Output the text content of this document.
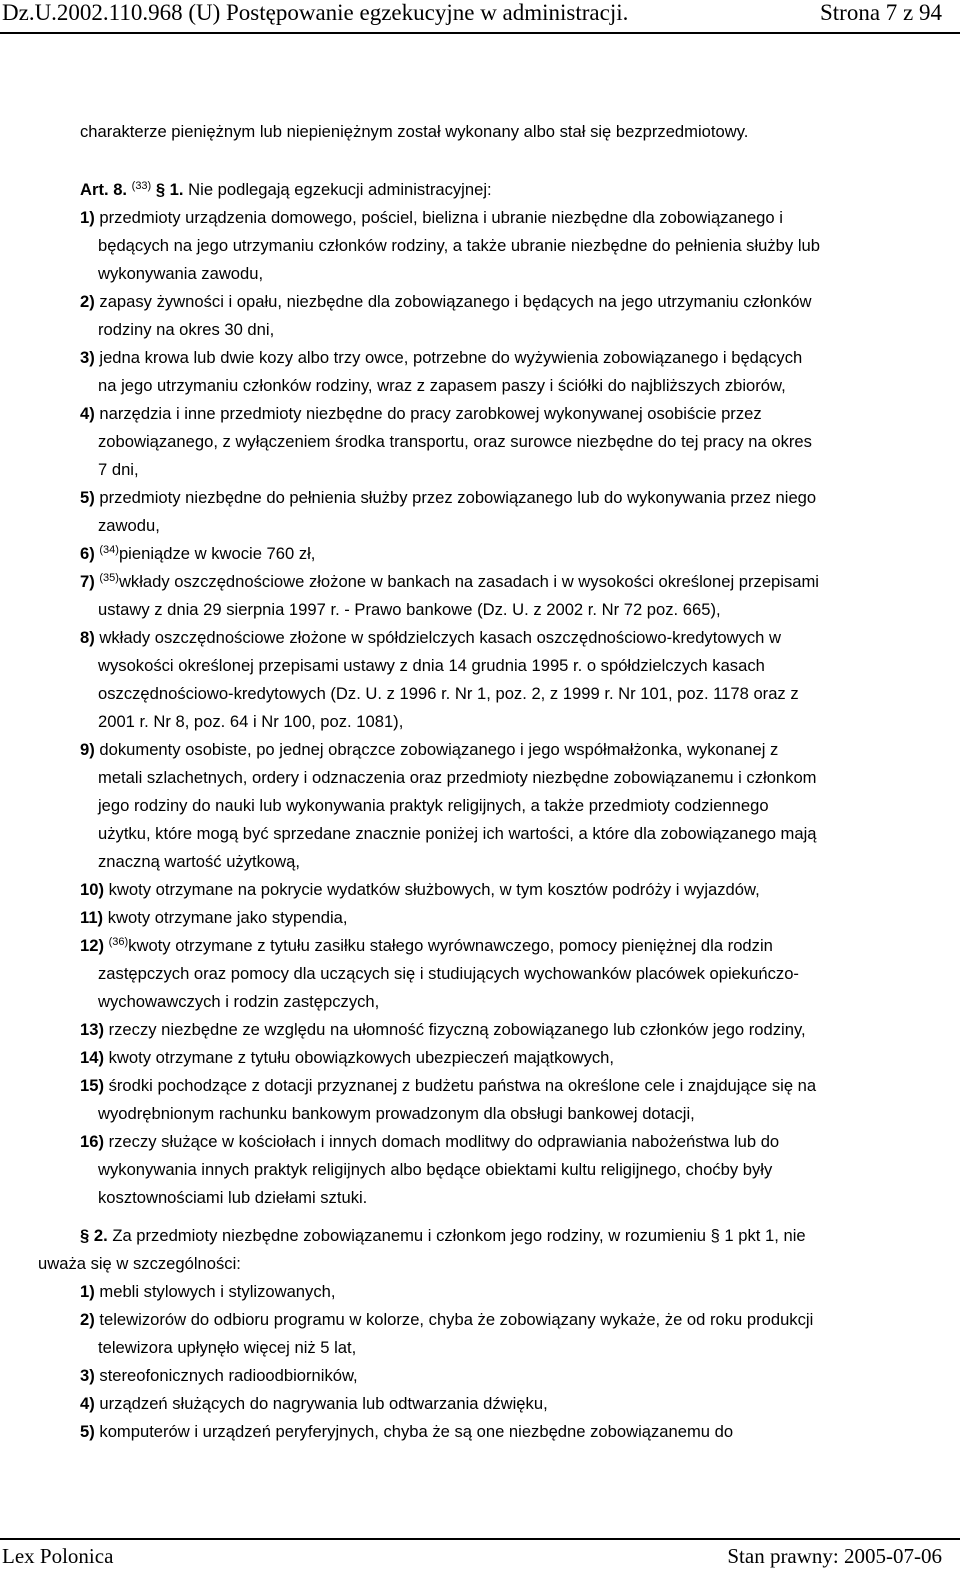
Dz.U.2002.110.968 (U) Postępowanie egzekucyjne w administracji.	Strona 7 z 94
charakterze pieniężnym lub niepieniężnym został wykonany albo stał się bezprzedmiotowy.
Art. 8. $^{(33)}$ § 1. Nie podlegają egzekucji administracyjnej:
1) przedmioty urządzenia domowego, pościel, bielizna i ubranie niezbędne dla zobowiązanego i
będących na jego utrzymaniu członków rodziny, a także ubranie niezbędne do pełnienia służby lub
wykonywania zawodu,
2) zapasy żywności i opału, niezbędne dla zobowiązanego i będących na jego utrzymaniu członków
rodziny na okres 30 dni,
3) jedna krowa lub dwie kozy albo trzy owce, potrzebne do wyżywienia zobowiązanego i będących
na jego utrzymaniu członków rodziny, wraz z zapasem paszy i ściółki do najbliższych zbiorów,
4) narzędzia i inne przedmioty niezbędne do pracy zarobkowej wykonywanej osobiście przez
zobowiązanego, z wyłączeniem środka transportu, oraz surowce niezbędne do tej pracy na okres
7 dni,
5) przedmioty niezbędne do pełnienia służby przez zobowiązanego lub do wykonywania przez niego
zawodu,
6) $^{(34)}$pieniądze w kwocie 760 zł,
7) $^{(35)}$wkłady oszczędnościowe złożone w bankach na zasadach i w wysokości określonej przepisami
ustawy z dnia 29 sierpnia 1997 r. - Prawo bankowe (Dz. U. z 2002 r. Nr 72 poz. 665),
8) wkłady oszczędnościowe złożone w spółdzielczych kasach oszczędnościowo-kredytowych w
wysokości określonej przepisami ustawy z dnia 14 grudnia 1995 r. o spółdzielczych kasach
oszczędnościowo-kredytowych (Dz. U. z 1996 r. Nr 1, poz. 2, z 1999 r. Nr 101, poz. 1178 oraz z
2001 r. Nr 8, poz. 64 i Nr 100, poz. 1081),
9) dokumenty osobiste, po jednej obrączce zobowiązanego i jego współmałżonka, wykonanej z
metali szlachetnych, ordery i odznaczenia oraz przedmioty niezbędne zobowiązanemu i członkom
jego rodziny do nauki lub wykonywania praktyk religijnych, a także przedmioty codziennego
użytku, które mogą być sprzedane znacznie poniżej ich wartości, a które dla zobowiązanego mają
znaczną wartość użytkową,
10) kwoty otrzymane na pokrycie wydatków służbowych, w tym kosztów podróży i wyjazdów,
11) kwoty otrzymane jako stypendia,
12) $^{(36)}$kwoty otrzymane z tytułu zasiłku stałego wyrównawczego, pomocy pieniężnej dla rodzin
zastępczych oraz pomocy dla uczących się i studiujących wychowanków placówek opiekuńczo-
wychowawczych i rodzin zastępczych,
13) rzeczy niezbędne ze względu na ułomność fizyczną zobowiązanego lub członków jego rodziny,
14) kwoty otrzymane z tytułu obowiązkowych ubezpieczeń majątkowych,
15) środki pochodzące z dotacji przyznanej z budżetu państwa na określone cele i znajdujące się na
wyodrębnionym rachunku bankowym prowadzonym dla obsługi bankowej dotacji,
16) rzeczy służące w kościołach i innych domach modlitwy do odprawiania nabożeństwa lub do
wykonywania innych praktyk religijnych albo będące obiektami kultu religijnego, choćby były
kosztownościami lub dziełami sztuki.
§ 2. Za przedmioty niezbędne zobowiązanemu i członkom jego rodziny, w rozumieniu § 1 pkt 1, nie
uważa się w szczególności:
1) mebli stylowych i stylizowanych,
2) telewizorów do odbioru programu w kolorze, chyba że zobowiązany wykaże, że od roku produkcji
telewizora upłynęło więcej niż 5 lat,
3) stereofonicznych radioodbiorników,
4) urządzeń służących do nagrywania lub odtwarzania dźwięku,
5) komputerów i urządzeń peryferyjnych, chyba że są one niezbędne zobowiązanemu do
Lex Polonica	Stan prawny: 2005-07-06
